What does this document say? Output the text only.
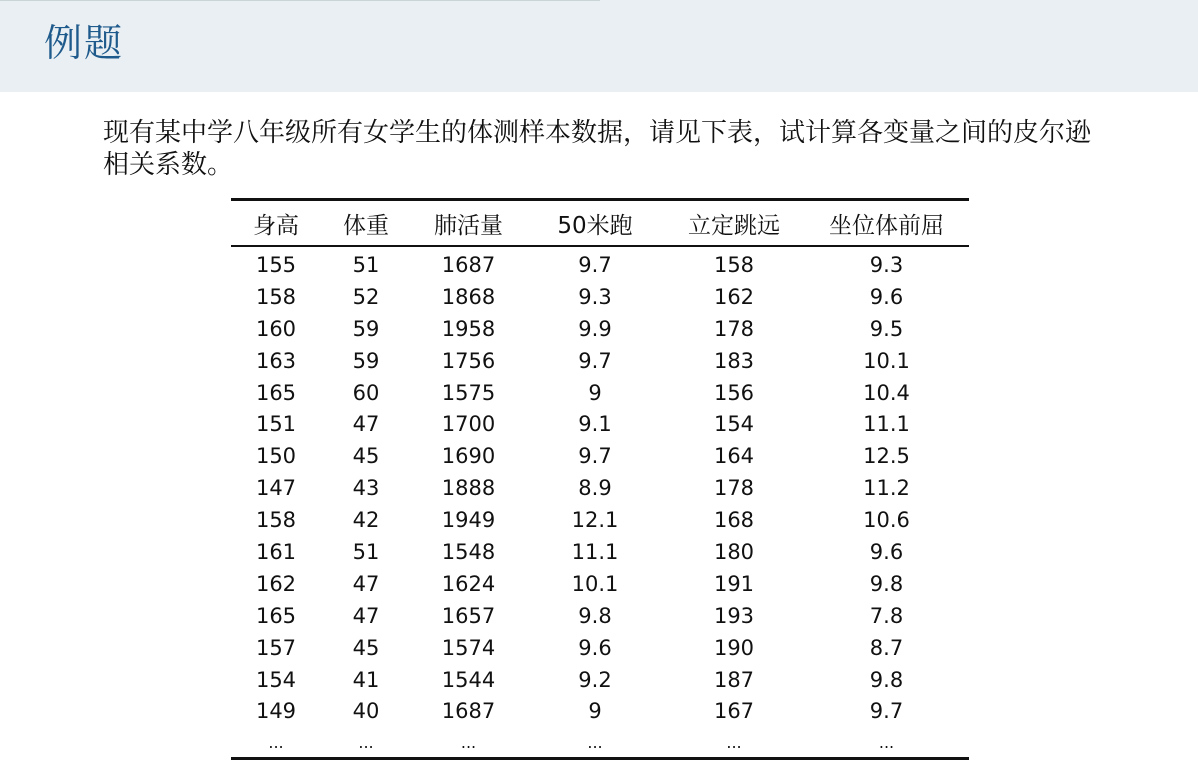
例题

现有某中学八年级所有女学生的体测样本数据，请见下表，试计算各变量之间的皮尔逊相关系数。

身高	体重	肺活量	50米跑	立定跳远	坐位体前屈
155	51	1687	9.7	158	9.3
158	52	1868	9.3	162	9.6
160	59	1958	9.9	178	9.5
163	59	1756	9.7	183	10.1
165	60	1575	9	156	10.4
151	47	1700	9.1	154	11.1
150	45	1690	9.7	164	12.5
147	43	1888	8.9	178	11.2
158	42	1949	12.1	168	10.6
161	51	1548	11.1	180	9.6
162	47	1624	10.1	191	9.8
165	47	1657	9.8	193	7.8
157	45	1574	9.6	190	8.7
154	41	1544	9.2	187	9.8
149	40	1687	9	167	9.7
...	...	...	...	...	...
